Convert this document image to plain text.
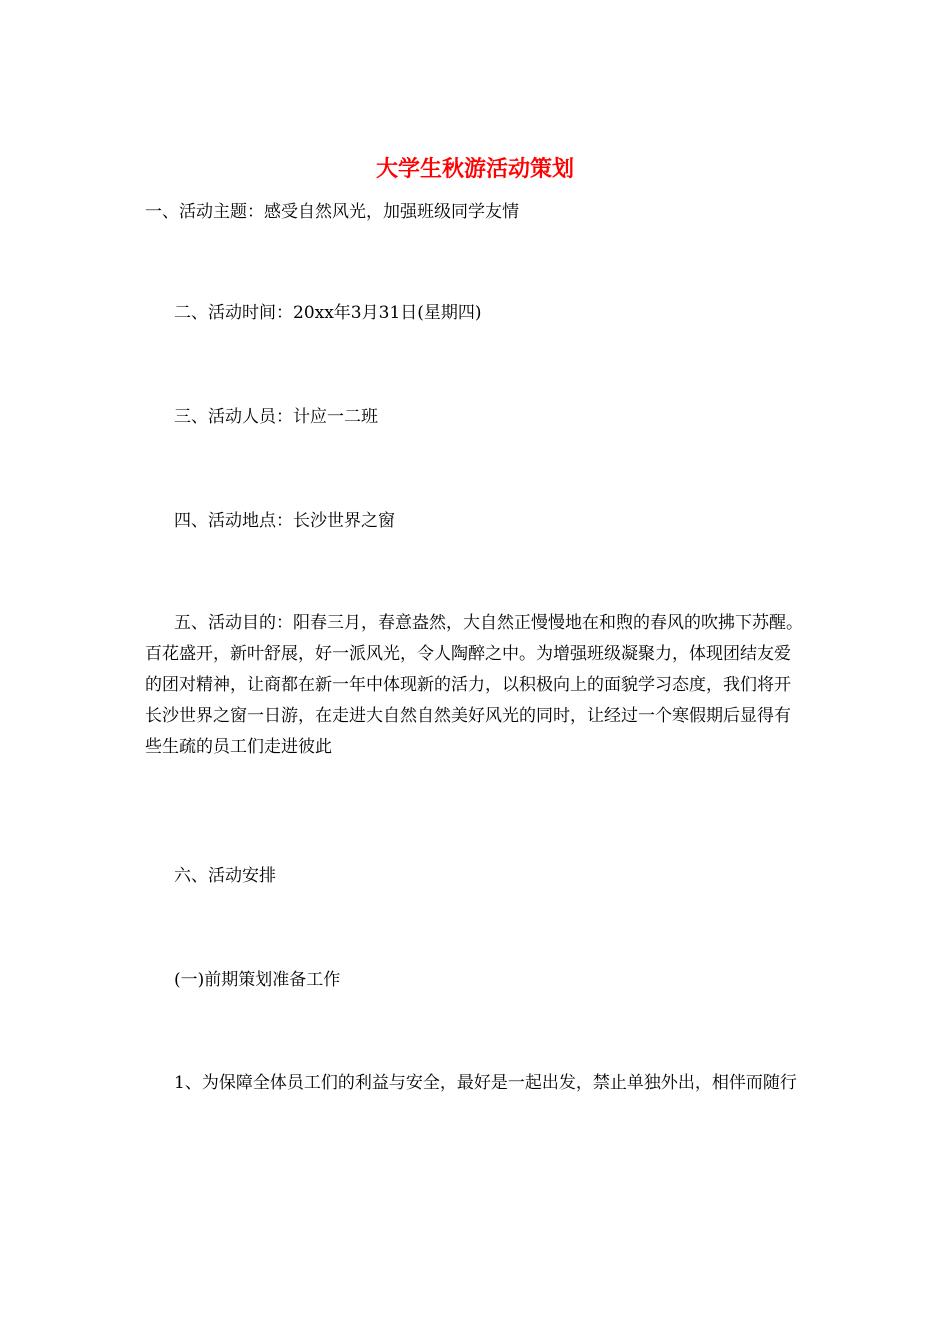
大学生秋游活动策划

一、活动主题：感受自然风光，加强班级同学友情

二、活动时间：20xx年3月31日(星期四)

三、活动人员：计应一二班

四、活动地点：长沙世界之窗

五、活动目的：阳春三月，春意盎然，大自然正慢慢地在和煦的春风的吹拂下苏醒。百花盛开，新叶舒展，好一派风光，令人陶醉之中。为增强班级凝聚力，体现团结友爱的团对精神，让商都在新一年中体现新的活力，以积极向上的面貌学习态度，我们将开长沙世界之窗一日游，在走进大自然自然美好风光的同时，让经过一个寒假期后显得有些生疏的员工们走进彼此

六、活动安排

(一)前期策划准备工作

1、为保障全体员工们的利益与安全，最好是一起出发，禁止单独外出，相伴而随行
